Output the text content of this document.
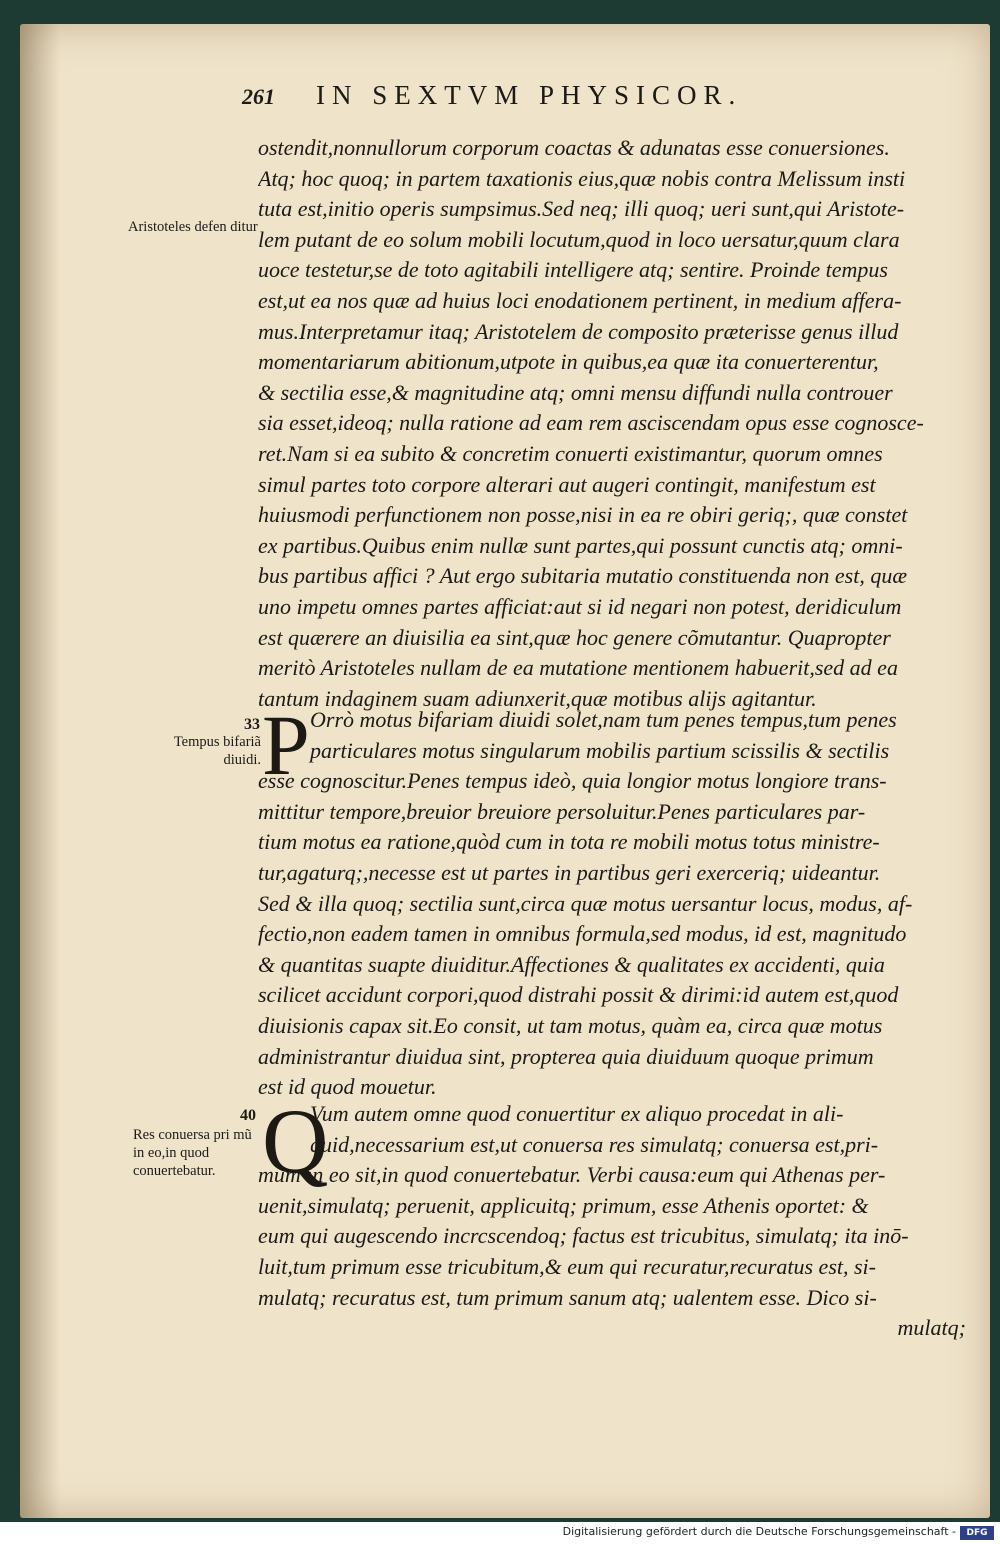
261 IN SEXTVM PHYSICOR.
Aristoteles defen ditur
33
Tempus bifariã diuidi.
40
Res conuersa pri mũ in eo,in quod conuertebatur.
ostendit,nonnullorum corporum coactas & adunatas esse conuersiones.
Atq; hoc quoq; in partem taxationis eius,quæ nobis contra Melissum insti
tuta est,initio operis sumpsimus.Sed neq; illi quoq; ueri sunt,qui Aristote-
lem putant de eo solum mobili locutum,quod in loco uersatur,quum clara
uoce testetur,se de toto agitabili intelligere atq; sentire. Proinde tempus
est,ut ea nos quæ ad huius loci enodationem pertinent, in medium affera-
mus.Interpretamur itaq; Aristotelem de composito præterisse genus illud
momentariarum abitionum,utpote in quibus,ea quæ ita conuerterentur,
& sectilia esse,& magnitudine atq; omni mensu diffundi nulla controuer
sia esset,ideoq; nulla ratione ad eam rem asciscendam opus esse cognosce-
ret.Nam si ea subito & concretim conuerti existimantur, quorum omnes
simul partes toto corpore alterari aut augeri contingit, manifestum est
huiusmodi perfunctionem non posse,nisi in ea re obiri geriq;, quæ constet
ex partibus.Quibus enim nullæ sunt partes,qui possunt cunctis atq; omni-
bus partibus affici ? Aut ergo subitaria mutatio constituenda non est, quæ
uno impetu omnes partes afficiat:aut si id negari non potest, deridiculum
est quærere an diuisilia ea sint,quæ hoc genere cõmutantur. Quapropter
meritò Aristoteles nullam de ea mutatione mentionem habuerit,sed ad ea
tantum indaginem suam adiunxerit,quæ motibus alijs agitantur.
P Orrò motus bifariam diuidi solet,nam tum penes tempus,tum penes
particulares motus singularum mobilis partium scissilis & sectilis
esse cognoscitur.Penes tempus ideò, quia longior motus longiore trans-
mittitur tempore,breuior breuiore persoluitur.Penes particulares par-
tium motus ea ratione,quòd cum in tota re mobili motus totus ministre-
tur,agaturq;,necesse est ut partes in partibus geri exerceriq; uideantur.
Sed & illa quoq; sectilia sunt,circa quæ motus uersantur locus, modus, af-
fectio,non eadem tamen in omnibus formula,sed modus, id est, magnitudo
& quantitas suapte diuiditur.Affectiones & qualitates ex accidenti, quia
scilicet accidunt corpori,quod distrahi possit & dirimi:id autem est,quod
diuisionis capax sit.Eo consit, ut tam motus, quàm ea, circa quæ motus
administrantur diuidua sint, propterea quia diuiduum quoque primum
est id quod mouetur.
Q
Vum autem omne quod conuertitur ex aliquo procedat in ali-
quid,necessarium est,ut conuersa res simulatq; conuersa est,pri-
mum in eo sit,in quod conuertebatur. Verbi causa:eum qui Athenas per-
uenit,simulatq; peruenit, applicuitq; primum, esse Athenis oportet: &
eum qui augescendo incrcscendoq; factus est tricubitus, simulatq; ita inō-
luit,tum primum esse tricubitum,& eum qui recuratur,recuratus est, si-
mulatq; recuratus est, tum primum sanum atq; ualentem esse. Dico si-
mulatq;
Digitalisierung gefördert durch die Deutsche Forschungsgemeinschaft -	DFG
